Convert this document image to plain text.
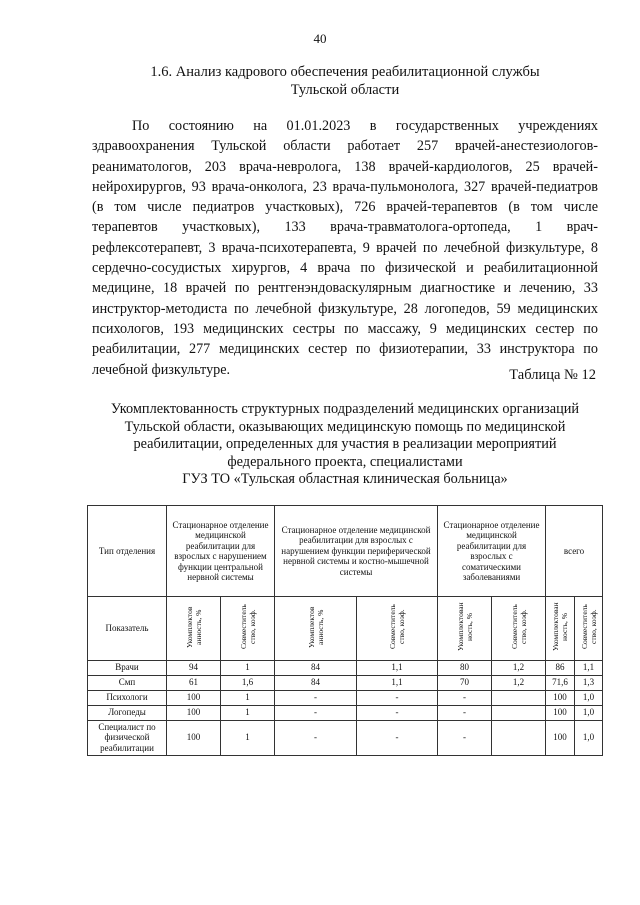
40
1.6. Анализ кадрового обеспечения реабилитационной службы
Тульской области

По состоянию на 01.01.2023 в государственных учреждениях здравоохранения Тульской области работает 257 врачей-анестезиологов-реаниматологов, 203 врача-невролога, 138 врачей-кардиологов, 25 врачей-нейрохирургов, 93 врача-онколога, 23 врача-пульмонолога, 327 врачей-педиатров (в том числе педиатров участковых), 726 врачей-терапевтов (в том числе терапевтов участковых), 133 врача-травматолога-ортопеда, 1 врач-рефлексотерапевт, 3 врача-психотерапевта, 9 врачей по лечебной физкультуре, 8 сердечно-сосудистых хирургов, 4 врача по физической и реабилитационной медицине, 18 врачей по рентгенэндоваскулярным диагностике и лечению, 33 инструктор-методиста по лечебной физкультуре, 28 логопедов, 59 медицинских психологов, 193 медицинских сестры по массажу, 9 медицинских сестер по реабилитации, 277 медицинских сестер по физиотерапии, 33 инструктора по лечебной физкультуре.	Таблица № 12
Укомплектованность структурных подразделений медицинских организаций
Тульской области, оказывающих медицинскую помощь по медицинской
реабилитации, определенных для участия в реализации мероприятий
федерального проекта, специалистами
ГУЗ ТО «Тульская областная клиническая больница»
Тип отделения	Стационарное отделение медицинской реабилитации для взрослых с нарушением функции центральной нервной системы		Стационарное отделение медицинской реабилитации для взрослых с нарушением функции периферической нервной системы и костно-мышечной системы		Стационарное отделение медицинской реабилитации для взрослых с соматическими заболеваниями		всего	
Показатель	Укомплектов анность, %	Совместитель ство, коэф.	Укомплектов анность, %	Совместитель ство, коэф.	Укомплектован ность, %	Совместитель ство, коэф.	Укомплектован ность, %	Совместитель ство, коэф.
Врачи	94	1	84	1,1	80	1,2	86	1,1
Смп	61	1,6	84	1,1	70	1,2	71,6	1,3
Психологи	100	1	-	-	-		100	1,0
Логопеды	100	1	-	-	-		100	1,0
Специалист по физической реабилитации	100	1	-	-	-		100	1,0
